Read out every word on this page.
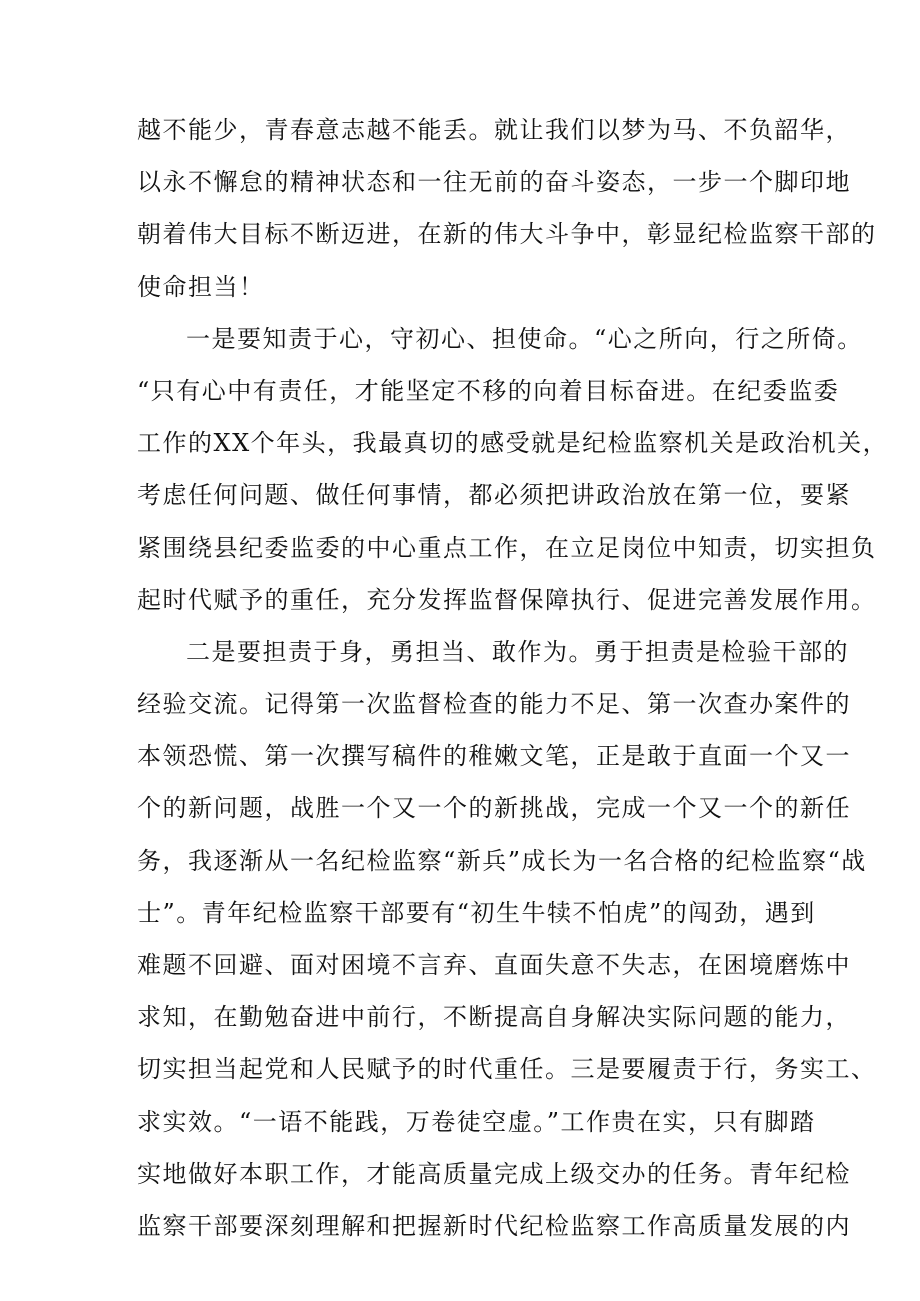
越不能少，青春意志越不能丢。就让我们以梦为马、不负韶华，
以永不懈怠的精神状态和一往无前的奋斗姿态，一步一个脚印地
朝着伟大目标不断迈进，在新的伟大斗争中，彰显纪检监察干部的
使命担当！
一是要知责于心，守初心、担使命。“心之所向，行之所倚。
“只有心中有责任，才能坚定不移的向着目标奋进。在纪委监委
工作的XX个年头，我最真切的感受就是纪检监察机关是政治机关，
考虑任何问题、做任何事情，都必须把讲政治放在第一位，要紧
紧围绕县纪委监委的中心重点工作，在立足岗位中知责，切实担负
起时代赋予的重任，充分发挥监督保障执行、促进完善发展作用。
二是要担责于身，勇担当、敢作为。勇于担责是检验干部的
经验交流。记得第一次监督检查的能力不足、第一次查办案件的
本领恐慌、第一次撰写稿件的稚嫩文笔，正是敢于直面一个又一
个的新问题，战胜一个又一个的新挑战，完成一个又一个的新任
务，我逐渐从一名纪检监察“新兵”成长为一名合格的纪检监察“战
士”。青年纪检监察干部要有“初生牛犊不怕虎”的闯劲，遇到
难题不回避、面对困境不言弃、直面失意不失志，在困境磨炼中
求知，在勤勉奋进中前行，不断提高自身解决实际问题的能力，
切实担当起党和人民赋予的时代重任。三是要履责于行，务实工、
求实效。“一语不能践，万卷徒空虚。”工作贵在实，只有脚踏
实地做好本职工作，才能高质量完成上级交办的任务。青年纪检
监察干部要深刻理解和把握新时代纪检监察工作高质量发展的内
